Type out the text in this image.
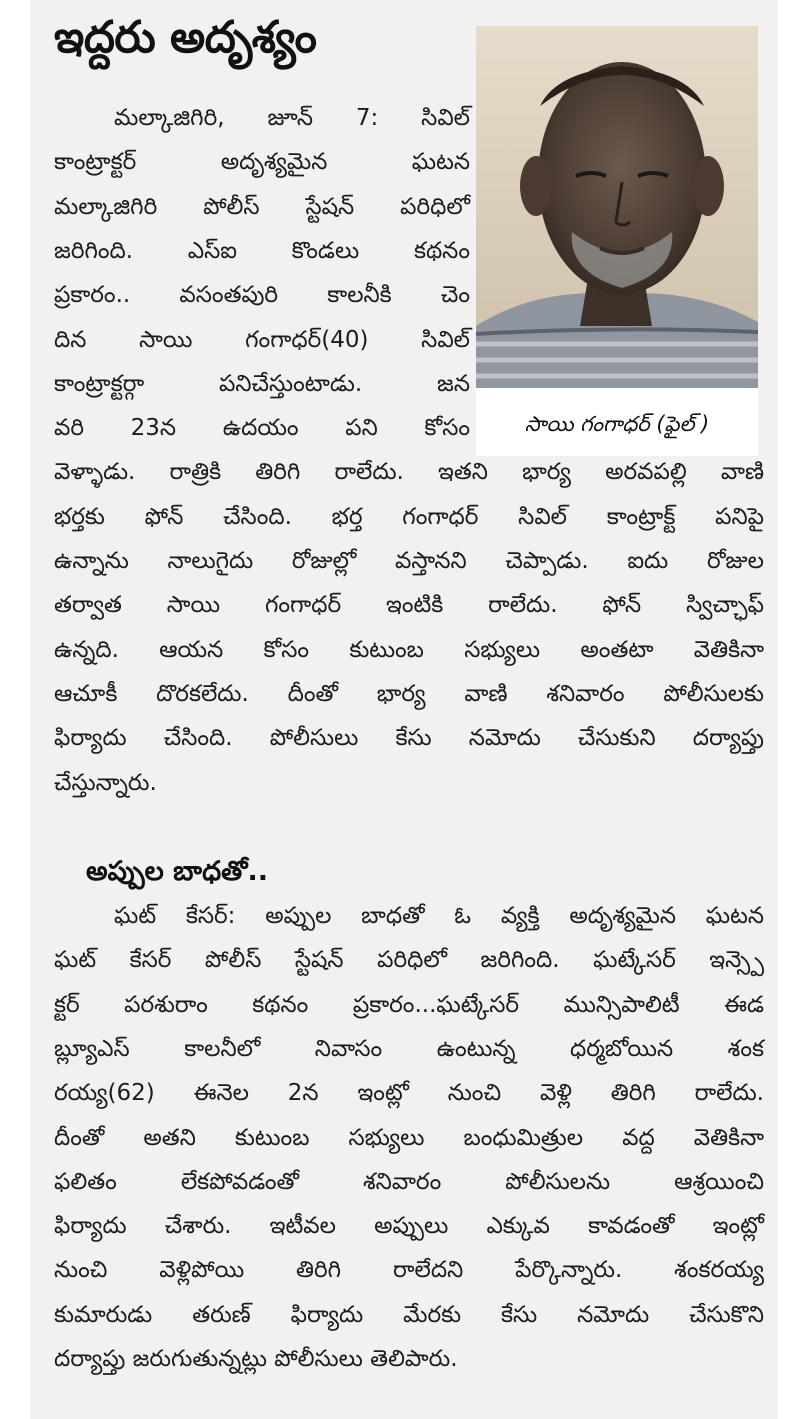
ఇద్దరు అదృశ్యం
సాయి గంగాధర్ (ఫైల్ )
మల్కాజిగిరి, జూన్ 7: సివిల్
కాంట్రాక్టర్ అదృశ్యమైన ఘటన
మల్కాజిగిరి పోలీస్ స్టేషన్ పరిధిలో
జరిగింది. ఎస్ఐ కొండలు కథనం
ప్రకారం.. వసంతపురి కాలనీకి చెం
దిన సాయి గంగాధర్(40) సివిల్
కాంట్రాక్టర్గా పనిచేస్తుంటాడు. జన
వరి 23న ఉదయం పని కోసం
వెళ్ళాడు. రాత్రికి తిరిగి రాలేదు. ఇతని భార్య అరవపల్లి వాణి
భర్తకు ఫోన్ చేసింది. భర్త గంగాధర్ సివిల్ కాంట్రాక్ట్ పనిపై
ఉన్నాను నాలుగైదు రోజుల్లో వస్తానని చెప్పాడు. ఐదు రోజుల
తర్వాత సాయి గంగాధర్ ఇంటికి రాలేదు. ఫోన్ స్విచ్ఛాఫ్
ఉన్నది. ఆయన కోసం కుటుంబ సభ్యులు అంతటా వెతికినా
ఆచూకీ దొరకలేదు. దీంతో భార్య వాణి శనివారం పోలీసులకు
ఫిర్యాదు చేసింది. పోలీసులు కేసు నమోదు చేసుకుని దర్యాప్తు
చేస్తున్నారు.
అప్పుల బాధతో..
ఘట్ కేసర్: అప్పుల బాధతో ఓ వ్యక్తి అదృశ్యమైన ఘటన
ఘట్ కేసర్ పోలీస్ స్టేషన్ పరిధిలో జరిగింది. ఘట్కేసర్ ఇన్స్పె
క్టర్ పరశురాం కథనం ప్రకారం...ఘట్కేసర్ మున్సిపాలిటీ ఈడ
బ్ల్యూఎస్ కాలనీలో నివాసం ఉంటున్న ధర్మబోయిన శంక
రయ్య(62) ఈనెల 2న ఇంట్లో నుంచి వెళ్లి తిరిగి రాలేదు.
దీంతో అతని కుటుంబ సభ్యులు బంధుమిత్రుల వద్ద వెతికినా
ఫలితం లేకపోవడంతో శనివారం పోలీసులను ఆశ్రయించి
ఫిర్యాదు చేశారు. ఇటీవల అప్పులు ఎక్కువ కావడంతో ఇంట్లో
నుంచి వెళ్లిపోయి తిరిగి రాలేదని పేర్కొన్నారు. శంకరయ్య
కుమారుడు తరుణ్ ఫిర్యాదు మేరకు కేసు నమోదు చేసుకొని
దర్యాప్తు జరుగుతున్నట్లు పోలీసులు తెలిపారు.
